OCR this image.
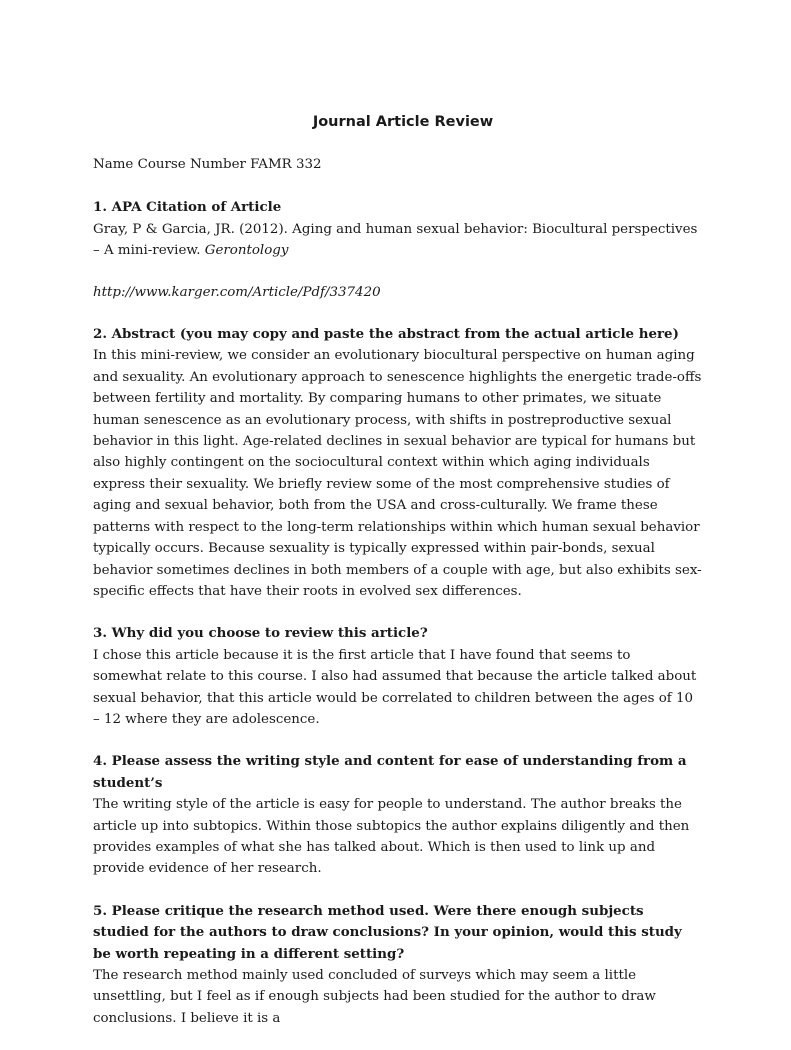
Journal Article Review
Name Course Number FAMR 332

1. APA Citation of Article

Gray, P & Garcia, JR. (2012). Aging and human sexual behavior: Biocultural perspectives – A mini-review. Gerontology

http://www.karger.com/Article/Pdf/337420

2. Abstract (you may copy and paste the abstract from the actual article here)

In this mini-review, we consider an evolutionary biocultural perspective on human aging and sexuality. An evolutionary approach to senescence highlights the energetic trade-offs between fertility and mortality. By comparing humans to other primates, we situate human senescence as an evolutionary process, with shifts in postreproductive sexual behavior in this light. Age-related declines in sexual behavior are typical for humans but also highly contingent on the sociocultural context within which aging individuals express their sexuality. We briefly review some of the most comprehensive studies of aging and sexual behavior, both from the USA and cross-culturally. We frame these patterns with respect to the long-term relationships within which human sexual behavior typically occurs. Because sexuality is typically expressed within pair-bonds, sexual behavior sometimes declines in both members of a couple with age, but also exhibits sex-specific effects that have their roots in evolved sex differences.

3. Why did you choose to review this article?

I chose this article because it is the first article that I have found that seems to somewhat relate to this course. I also had assumed that because the article talked about sexual behavior, that this article would be correlated to children between the ages of 10 – 12 where they are adolescence.

4. Please assess the writing style and content for ease of understanding from a student’s

The writing style of the article is easy for people to understand. The author breaks the article up into subtopics. Within those subtopics the author explains diligently and then provides examples of what she has talked about. Which is then used to link up and provide evidence of her research.

5. Please critique the research method used. Were there enough subjects studied for the authors to draw conclusions? In your opinion, would this study be worth repeating in a different setting?

The research method mainly used concluded of surveys which may seem a little unsettling, but I feel as if enough subjects had been studied for the author to draw conclusions. I believe it is a
